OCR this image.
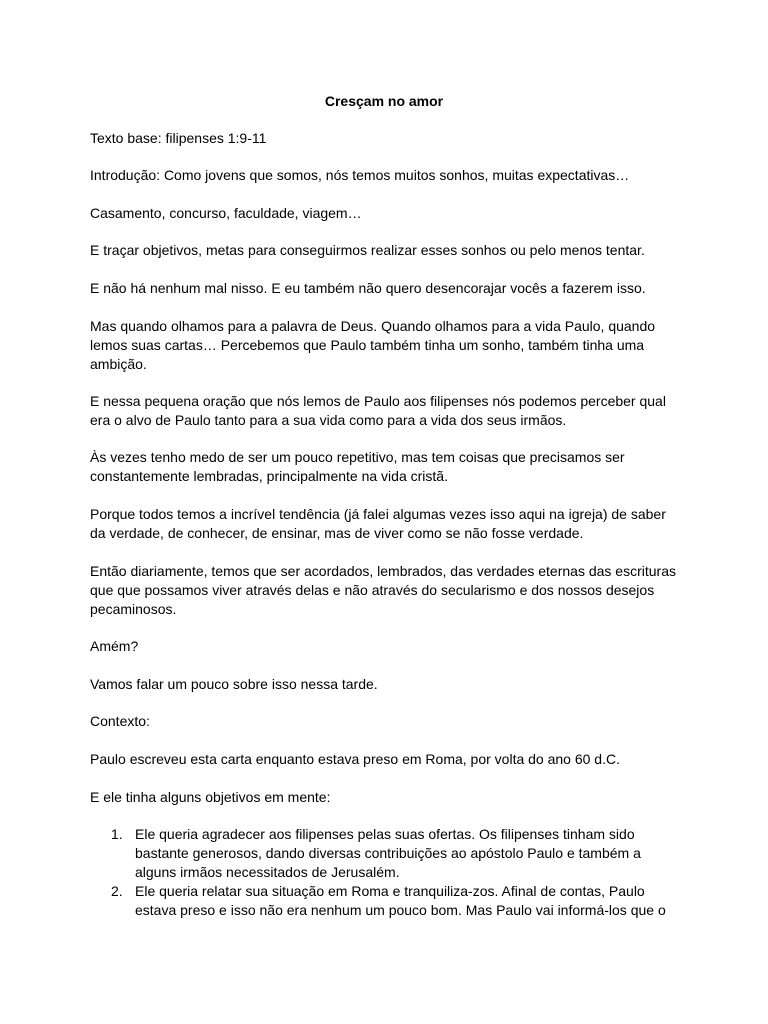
Cresçam no amor

Texto base: filipenses 1:9-11

Introdução: Como jovens que somos, nós temos muitos sonhos, muitas expectativas…

Casamento, concurso, faculdade, viagem…

E traçar objetivos, metas para conseguirmos realizar esses sonhos ou pelo menos tentar.

E não há nenhum mal nisso. E eu também não quero desencorajar vocês a fazerem isso.

Mas quando olhamos para a palavra de Deus. Quando olhamos para a vida Paulo, quando lemos suas cartas… Percebemos que Paulo também tinha um sonho, também tinha uma ambição.

E nessa pequena oração que nós lemos de Paulo aos filipenses nós podemos perceber qual era o alvo de Paulo tanto para a sua vida como para a vida dos seus irmãos.

Às vezes tenho medo de ser um pouco repetitivo, mas tem coisas que precisamos ser constantemente lembradas, principalmente na vida cristã.

Porque todos temos a incrível tendência (já falei algumas vezes isso aqui na igreja) de saber da verdade, de conhecer, de ensinar, mas de viver como se não fosse verdade.

Então diariamente, temos que ser acordados, lembrados, das verdades eternas das escrituras que que possamos viver através delas e não através do secularismo e dos nossos desejos pecaminosos.

Amém?

Vamos falar um pouco sobre isso nessa tarde.

Contexto:

Paulo escreveu esta carta enquanto estava preso em Roma, por volta do ano 60 d.C.

E ele tinha alguns objetivos em mente:

1. Ele queria agradecer aos filipenses pelas suas ofertas. Os filipenses tinham sido bastante generosos, dando diversas contribuições ao apóstolo Paulo e também a alguns irmãos necessitados de Jerusalém.
2. Ele queria relatar sua situação em Roma e tranquiliza-zos. Afinal de contas, Paulo estava preso e isso não era nenhum um pouco bom. Mas Paulo vai informá-los que o
